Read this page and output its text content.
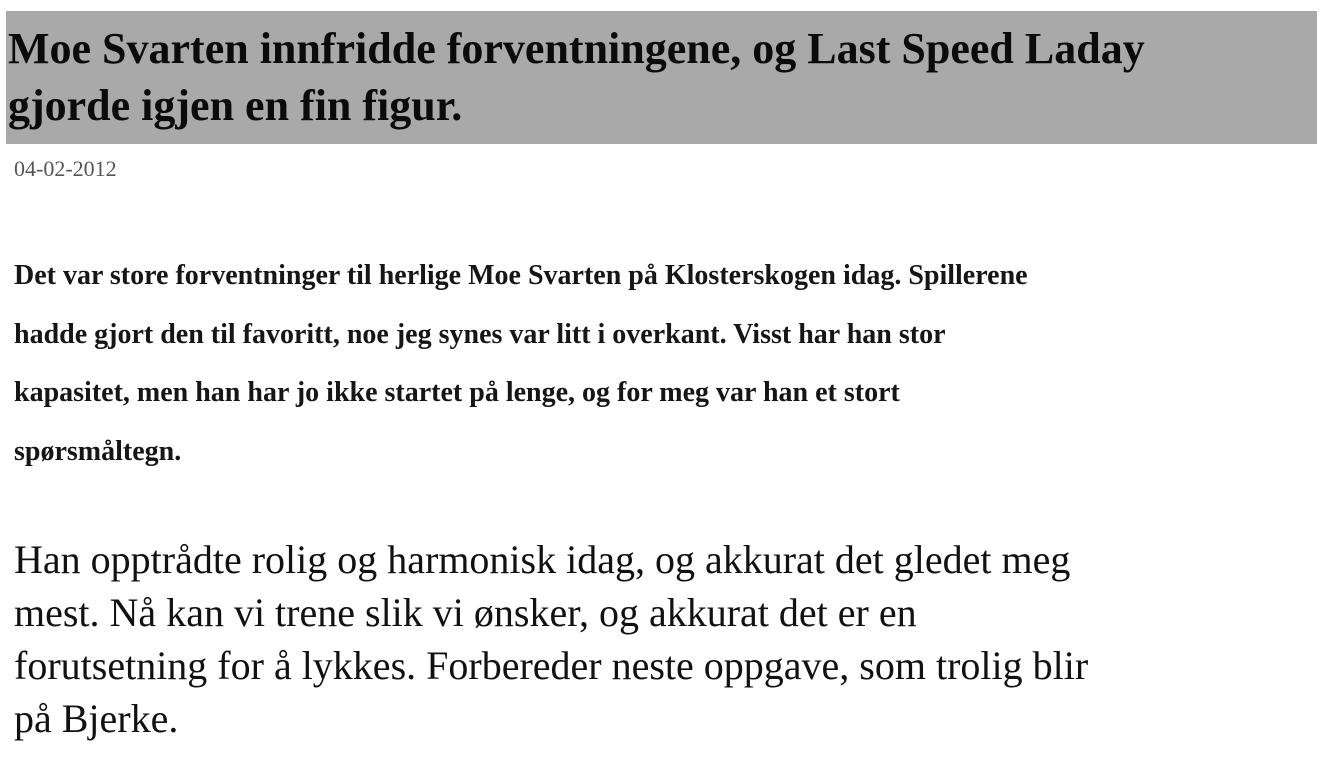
Moe Svarten innfridde forventningene, og Last Speed Laday
gjorde igjen en fin figur.

04-02-2012

Det var store forventninger til herlige Moe Svarten på Klosterskogen idag. Spillerene
hadde gjort den til favoritt, noe jeg synes var litt i overkant. Visst har han stor
kapasitet, men han har jo ikke startet på lenge, og for meg var han et stort
spørsmåltegn.

Han opptrådte rolig og harmonisk idag, og akkurat det gledet meg
mest. Nå kan vi trene slik vi ønsker, og akkurat det er en
forutsetning for å lykkes. Forbereder neste oppgave, som trolig blir
på Bjerke.
